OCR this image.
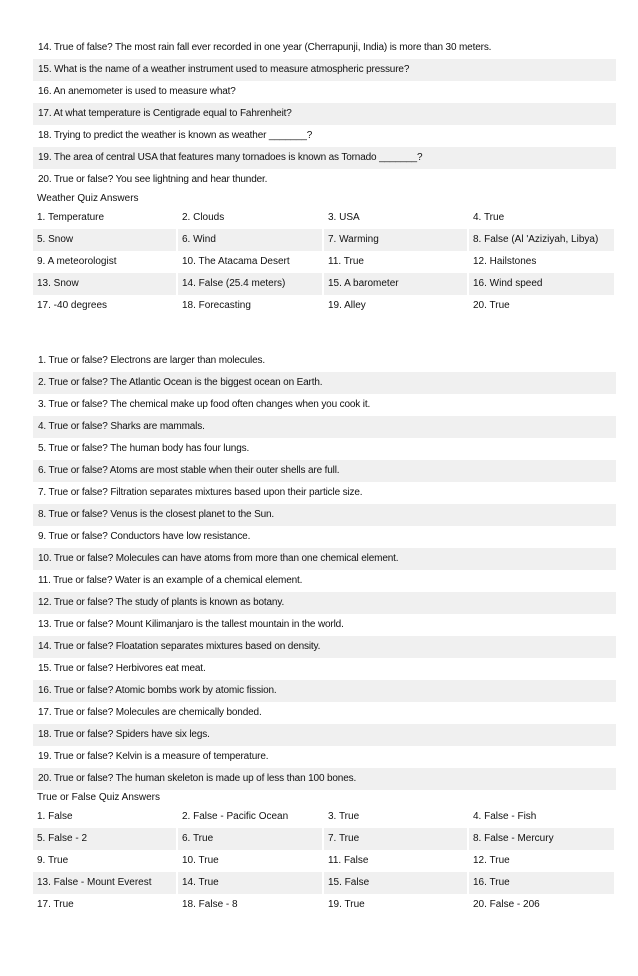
14. True of false? The most rain fall ever recorded in one year (Cherrapunji, India) is more than 30 meters.
15. What is the name of a weather instrument used to measure atmospheric pressure?
16. An anemometer is used to measure what?
17. At what temperature is Centigrade equal to Fahrenheit?
18. Trying to predict the weather is known as weather _______?
19. The area of central USA that features many tornadoes is known as Tornado _______?
20. True or false? You see lightning and hear thunder.
Weather Quiz Answers
1. Temperature	2. Clouds	3. USA	4. True
5. Snow	6. Wind	7. Warming	8. False (Al 'Aziziyah, Libya)
9. A meteorologist	10. The Atacama Desert	11. True	12. Hailstones
13. Snow	14. False (25.4 meters)	15. A barometer	16. Wind speed
17. -40 degrees	18. Forecasting	19. Alley	20. True
1. True or false? Electrons are larger than molecules.
2. True or false? The Atlantic Ocean is the biggest ocean on Earth.
3. True or false? The chemical make up food often changes when you cook it.
4. True or false? Sharks are mammals.
5. True or false? The human body has four lungs.
6. True or false? Atoms are most stable when their outer shells are full.
7. True or false? Filtration separates mixtures based upon their particle size.
8. True or false? Venus is the closest planet to the Sun.
9. True or false? Conductors have low resistance.
10. True or false? Molecules can have atoms from more than one chemical element.
11. True or false? Water is an example of a chemical element.
12. True or false? The study of plants is known as botany.
13. True or false? Mount Kilimanjaro is the tallest mountain in the world.
14. True or false? Floatation separates mixtures based on density.
15. True or false? Herbivores eat meat.
16. True or false? Atomic bombs work by atomic fission.
17. True or false? Molecules are chemically bonded.
18. True or false? Spiders have six legs.
19. True or false? Kelvin is a measure of temperature.
20. True or false? The human skeleton is made up of less than 100 bones.
True or False Quiz Answers
1. False	2. False - Pacific Ocean	3. True	4. False - Fish
5. False - 2	6. True	7. True	8. False - Mercury
9. True	10. True	11. False	12. True
13. False - Mount Everest	14. True	15. False	16. True
17. True	18. False - 8	19. True	20. False - 206
